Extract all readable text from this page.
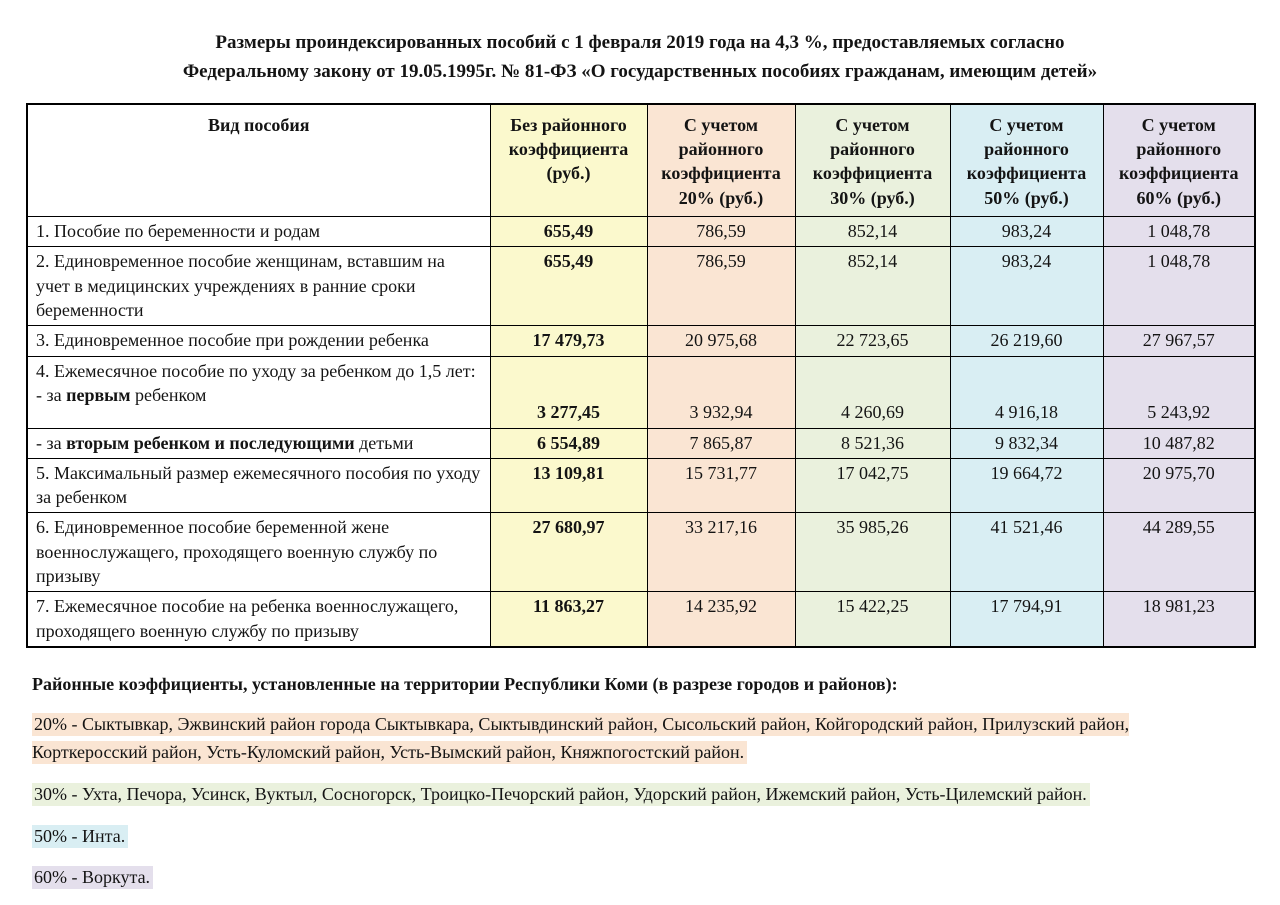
Размеры проиндексированных пособий с 1 февраля 2019 года на 4,3 %, предоставляемых согласно
Федеральному закону от 19.05.1995г. № 81-ФЗ «О государственных пособиях гражданам, имеющим детей»
Вид пособия	Без районного коэффициента (руб.)	С учетом районного коэффициента 20% (руб.)	С учетом районного коэффициента 30% (руб.)	С учетом районного коэффициента 50% (руб.)	С учетом районного коэффициента 60% (руб.)
1. Пособие по беременности и родам	655,49	786,59	852,14	983,24	1 048,78
2. Единовременное пособие женщинам, вставшим на учет в медицинских учреждениях в ранние сроки беременности	655,49	786,59	852,14	983,24	1 048,78
3. Единовременное пособие при рождении ребенка	17 479,73	20 975,68	22 723,65	26 219,60	27 967,57
4. Ежемесячное пособие по уходу за ребенком до 1,5 лет:
- за первым ребенком	3 277,45	3 932,94	4 260,69	4 916,18	5 243,92
- за вторым ребенком и последующими детьми	6 554,89	7 865,87	8 521,36	9 832,34	10 487,82
5. Максимальный размер ежемесячного пособия по уходу за ребенком	13 109,81	15 731,77	17 042,75	19 664,72	20 975,70
6. Единовременное пособие беременной жене военнослужащего, проходящего военную службу по призыву	27 680,97	33 217,16	35 985,26	41 521,46	44 289,55
7. Ежемесячное пособие на ребенка военнослужащего, проходящего военную службу по призыву	11 863,27	14 235,92	15 422,25	17 794,91	18 981,23
Районные коэффициенты, установленные на территории Республики Коми (в разрезе городов и районов):

20% - Сыктывкар, Эжвинский район города Сыктывкара, Сыктывдинский район, Сысольский район, Койгородский район, Прилузский район, Корткеросский район, Усть-Куломский район, Усть-Вымский район, Княжпогостский район.

30% - Ухта, Печора, Усинск, Вуктыл, Сосногорск, Троицко-Печорский район, Удорский район, Ижемский район, Усть-Цилемский район.

50% - Инта.

60% - Воркута.
